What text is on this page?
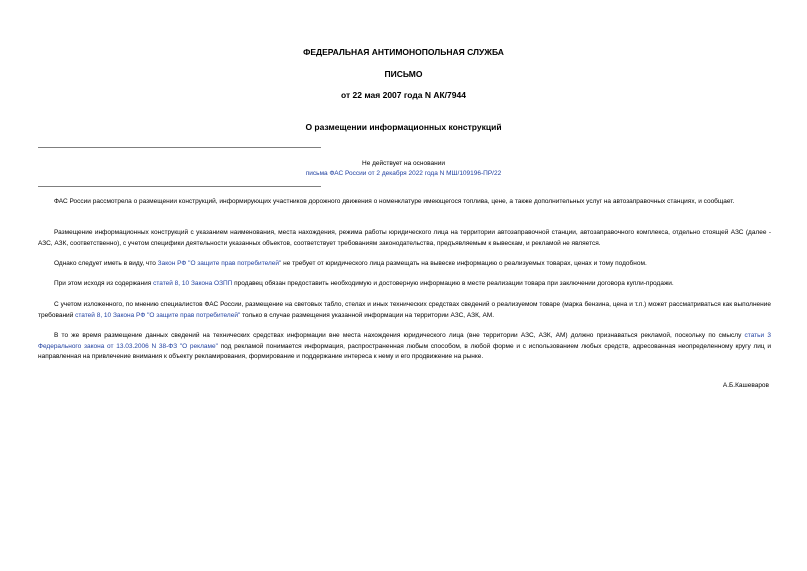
ФЕДЕРАЛЬНАЯ АНТИМОНОПОЛЬНАЯ СЛУЖБА
ПИСЬМО
от 22 мая 2007 года N АК/7944
О размещении информационных конструкций
Не действует на основании
письма ФАС России от 2 декабря 2022 года N МШ/109196-ПР/22

ФАС России рассмотрела о размещении конструкций, информирующих участников дорожного движения о номенклатуре имеющегося топлива, цене, а также дополнительных услуг на автозаправочных станциях, и сообщает.

Размещение информационных конструкций с указанием наименования, места нахождения, режима работы юридического лица на территории автозаправочной станции, автозаправочного комплекса, отдельно стоящей АЗС (далее - АЗС, АЗК, соответственно), с учетом специфики деятельности указанных объектов, соответствует требованиям законодательства, предъявляемым к вывескам, и рекламой не является.

Однако следует иметь в виду, что Закон РФ "О защите прав потребителей" не требует от юридического лица размещать на вывеске информацию о реализуемых товарах, ценах и тому подобном.

При этом исходя из содержания статей 8, 10 Закона ОЗПП продавец обязан предоставить необходимую и достоверную информацию в месте реализации товара при заключении договора купли-продажи.

С учетом изложенного, по мнению специалистов ФАС России, размещение на световых табло, стелах и иных технических средствах сведений о реализуемом товаре (марка бензина, цена и т.п.) может рассматриваться как выполнение требований статей 8, 10 Закона РФ "О защите прав потребителей" только в случае размещения указанной информации на территории АЗС, АЗК, АМ.

В то же время размещение данных сведений на технических средствах информации вне места нахождения юридического лица (вне территории АЗС, АЗК, АМ) должно признаваться рекламой, поскольку по смыслу статьи 3 Федерального закона от 13.03.2006 N 38-ФЗ "О рекламе" под рекламой понимается информация, распространенная любым способом, в любой форме и с использованием любых средств, адресованная неопределенному кругу лиц и направленная на привлечение внимания к объекту рекламирования, формирование и поддержание интереса к нему и его продвижение на рынке.

А.Б.Кашеваров
